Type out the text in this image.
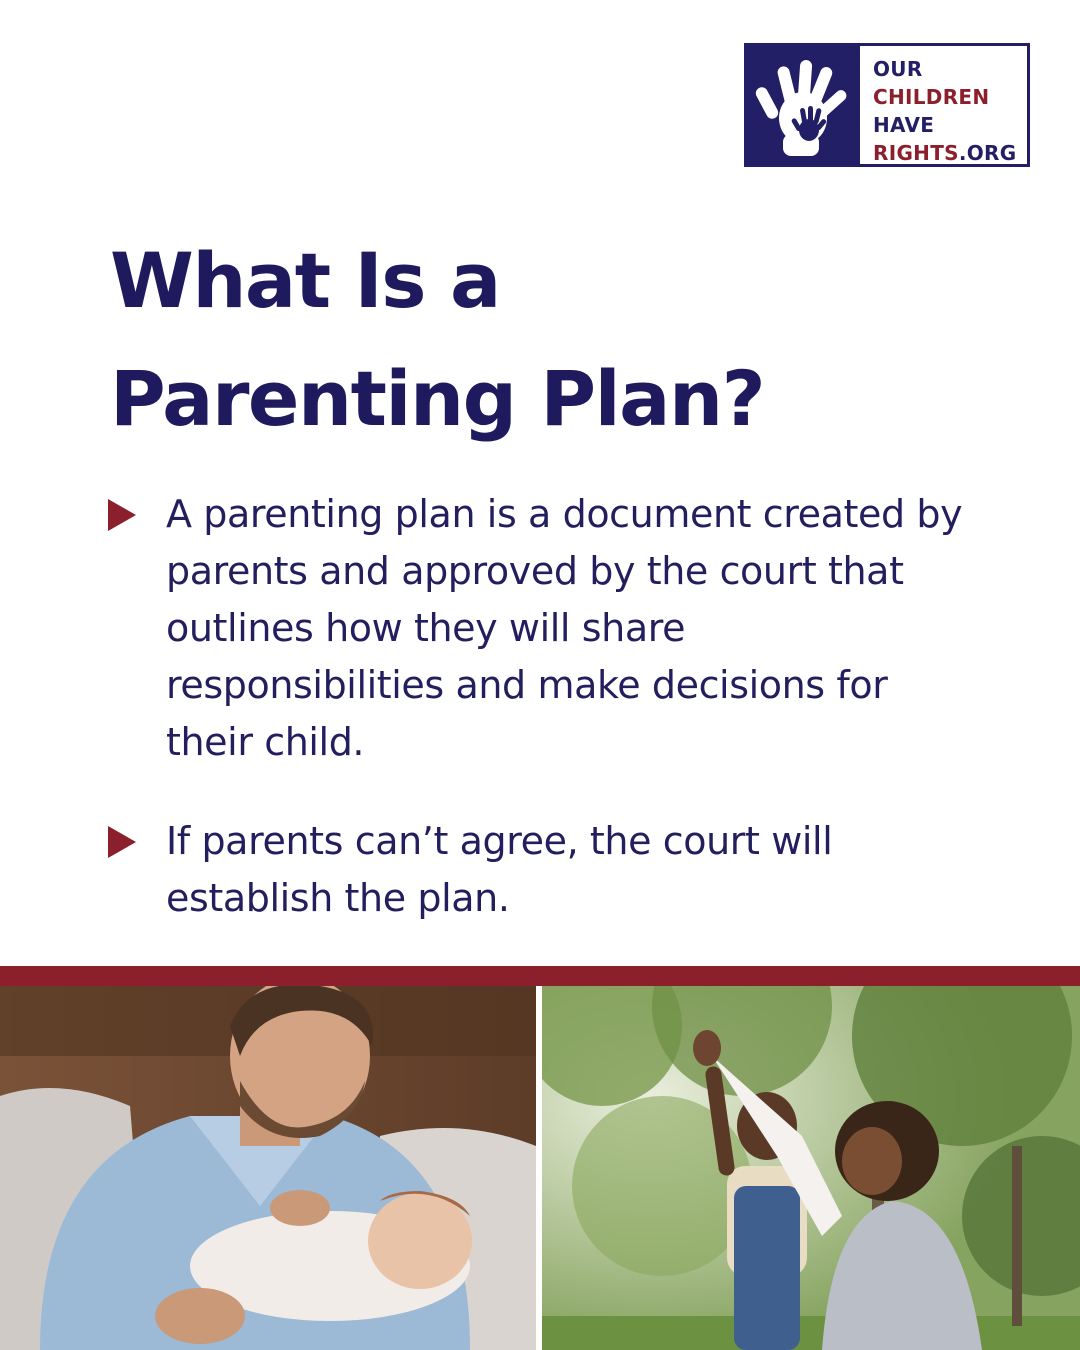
OUR
CHILDREN
HAVE
RIGHTS.ORG
What Is a
Parenting Plan?
A parenting plan is a document created by parents and approved by the court that outlines how they will share responsibilities and make decisions for their child.
If parents can’t agree, the court will establish the plan.
